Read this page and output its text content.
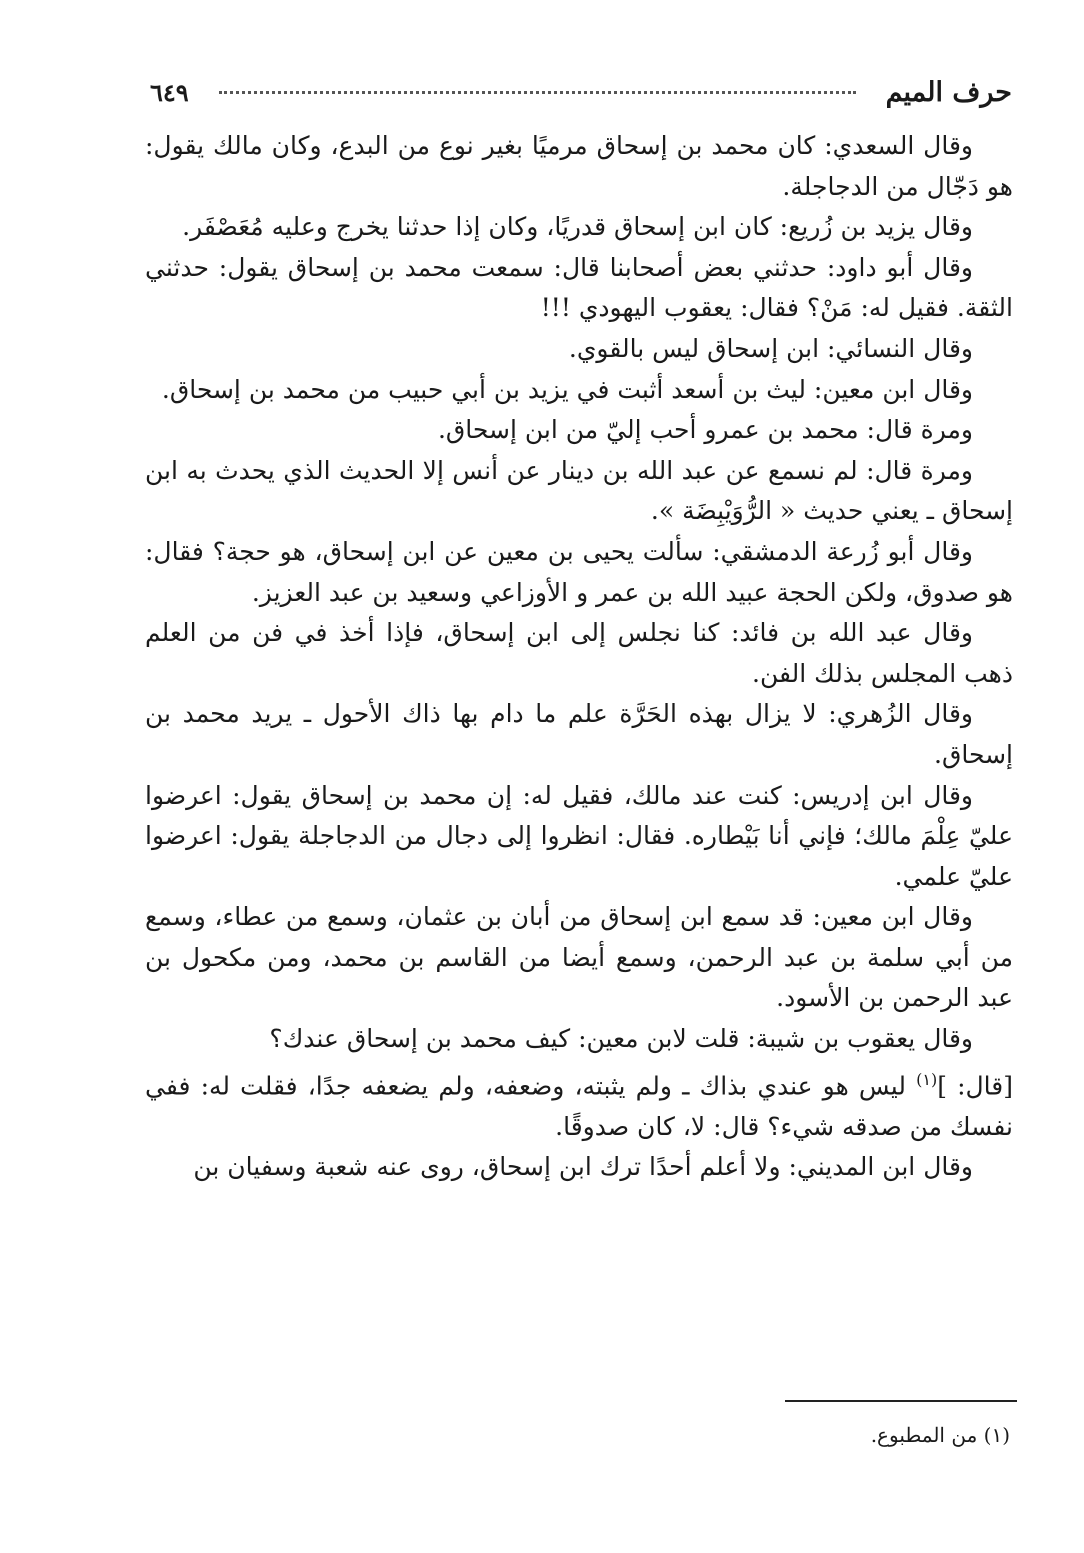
حرف الميم
٦٤٩

وقال السعدي: كان محمد بن إسحاق مرميًا بغير نوع من البدع، وكان مالك يقول: هو دَجّال من الدجاجلة.

وقال يزيد بن زُريع: كان ابن إسحاق قدريًا، وكان إذا حدثنا يخرج وعليه مُعَصْفَر.

وقال أبو داود: حدثني بعض أصحابنا قال: سمعت محمد بن إسحاق يقول: حدثني الثقة. فقيل له: مَنْ؟ فقال: يعقوب اليهودي !!!

وقال النسائي: ابن إسحاق ليس بالقوي.

وقال ابن معين: ليث بن أسعد أثبت في يزيد بن أبي حبيب من محمد بن إسحاق.

ومرة قال: محمد بن عمرو أحب إليّ من ابن إسحاق.

ومرة قال: لم نسمع عن عبد الله بن دينار عن أنس إلا الحديث الذي يحدث به ابن إسحاق ـ يعني حديث « الرُّوَيْبِضَة ».

وقال أبو زُرعة الدمشقي: سألت يحيى بن معين عن ابن إسحاق، هو حجة؟ فقال: هو صدوق، ولكن الحجة عبيد الله بن عمر و الأوزاعي وسعيد بن عبد العزيز.

وقال عبد الله بن فائد: كنا نجلس إلى ابن إسحاق، فإذا أخذ في فن من العلم ذهب المجلس بذلك الفن.

وقال الزُهري: لا يزال بهذه الحَرَّة علم ما دام بها ذاك الأحول ـ يريد محمد بن إسحاق.

وقال ابن إدريس: كنت عند مالك، فقيل له: إن محمد بن إسحاق يقول: اعرضوا عليّ عِلْمَ مالك؛ فإني أنا بَيْطاره. فقال: انظروا إلى دجال من الدجاجلة يقول: اعرضوا عليّ علمي.

وقال ابن معين: قد سمع ابن إسحاق من أبان بن عثمان، وسمع من عطاء، وسمع من أبي سلمة بن عبد الرحمن، وسمع أيضا من القاسم بن محمد، ومن مكحول بن عبد الرحمن بن الأسود.

وقال يعقوب بن شيبة: قلت لابن معين: كيف محمد بن إسحاق عندك؟

[قال: ]$^{(١)}$ ليس هو عندي بذاك ـ ولم يثبته، وضعفه، ولم يضعفه جدًا، فقلت له: ففي نفسك من صدقه شيء؟ قال: لا، كان صدوقًا.

وقال ابن المديني: ولا أعلم أحدًا ترك ابن إسحاق، روى عنه شعبة وسفيان بن

(١) من المطبوع.
